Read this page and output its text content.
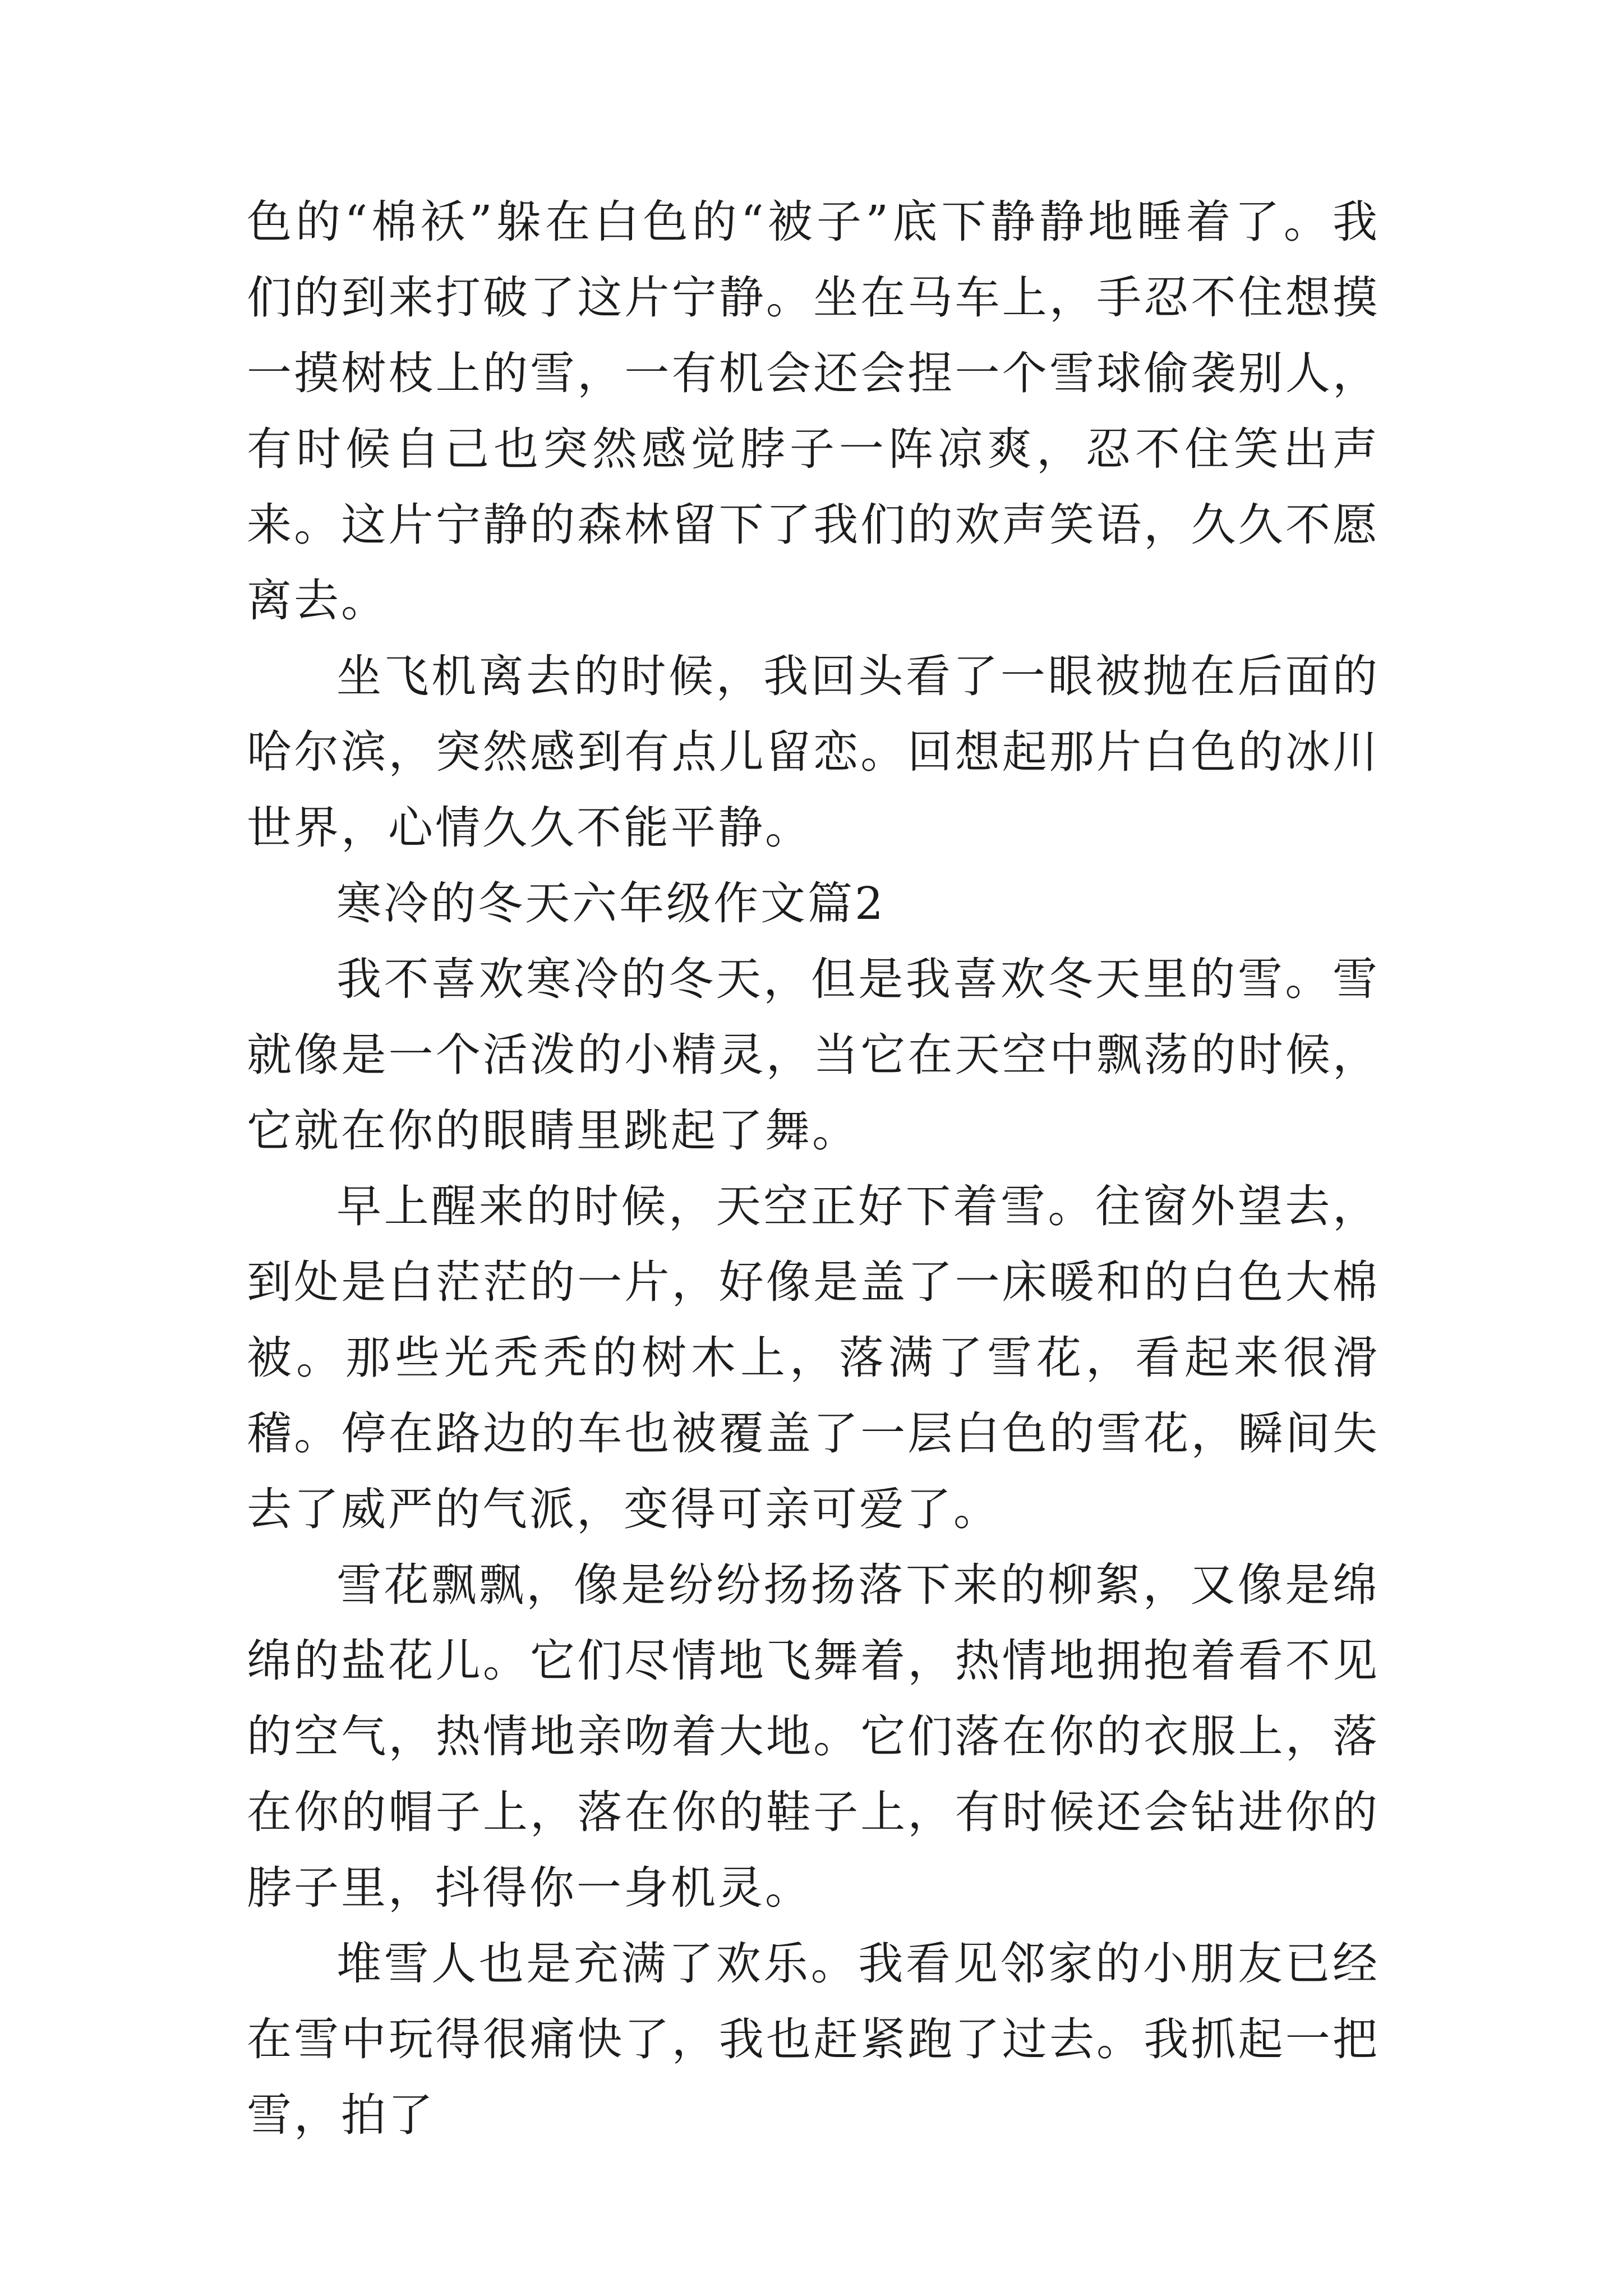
色的“棉袄”躲在白色的“被子”底下静静地睡着了。我们的到来打破了这片宁静。坐在马车上，手忍不住想摸一摸树枝上的雪，一有机会还会捏一个雪球偷袭别人，有时候自己也突然感觉脖子一阵凉爽，忍不住笑出声来。这片宁静的森林留下了我们的欢声笑语，久久不愿离去。

坐飞机离去的时候，我回头看了一眼被抛在后面的哈尔滨，突然感到有点儿留恋。回想起那片白色的冰川世界，心情久久不能平静。

寒冷的冬天六年级作文篇2

我不喜欢寒冷的冬天，但是我喜欢冬天里的雪。雪就像是一个活泼的小精灵，当它在天空中飘荡的时候，它就在你的眼睛里跳起了舞。

早上醒来的时候，天空正好下着雪。往窗外望去，到处是白茫茫的一片，好像是盖了一床暖和的白色大棉被。那些光秃秃的树木上，落满了雪花，看起来很滑稽。停在路边的车也被覆盖了一层白色的雪花，瞬间失去了威严的气派，变得可亲可爱了。

雪花飘飘，像是纷纷扬扬落下来的柳絮，又像是绵绵的盐花儿。它们尽情地飞舞着，热情地拥抱着看不见的空气，热情地亲吻着大地。它们落在你的衣服上，落在你的帽子上，落在你的鞋子上，有时候还会钻进你的脖子里，抖得你一身机灵。

堆雪人也是充满了欢乐。我看见邻家的小朋友已经在雪中玩得很痛快了，我也赶紧跑了过去。我抓起一把雪，拍了
